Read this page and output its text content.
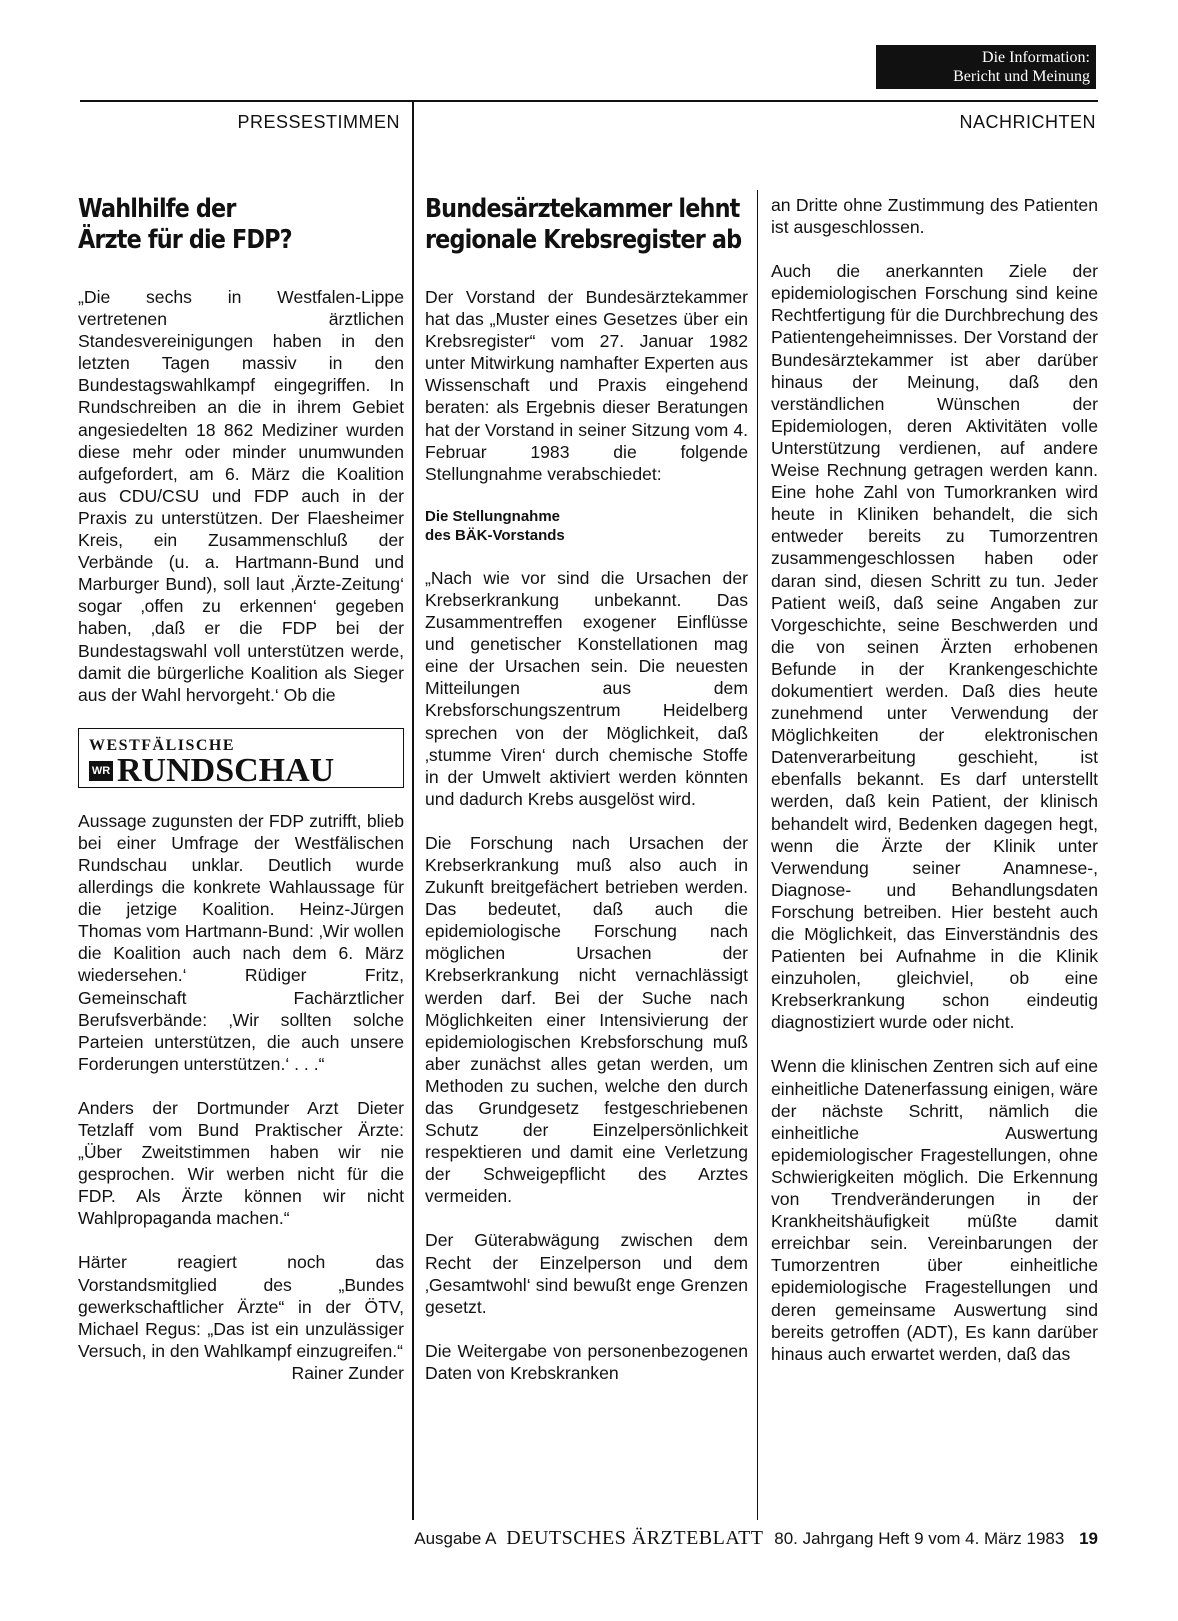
Die Information:
Bericht und Meinung
PRESSESTIMMEN	NACHRICHTEN
Wahlhilfe der
Ärzte für die FDP?

„Die sechs in Westfalen-Lippe vertretenen ärztlichen Standesvereinigungen haben in den letzten Tagen massiv in den Bundestagswahlkampf eingegriffen. In Rundschreiben an die in ihrem Gebiet angesiedelten 18 862 Mediziner wurden diese mehr oder minder unumwunden aufgefordert, am 6. März die Koalition aus CDU/CSU und FDP auch in der Praxis zu unterstützen. Der Flaesheimer Kreis, ein Zusammenschluß der Verbände (u. a. Hartmann-Bund und Marburger Bund), soll laut ‚Ärzte-Zeitung‘ sogar ‚offen zu erkennen‘ gegeben haben, ‚daß er die FDP bei der Bundestagswahl voll unterstützen werde, damit die bürgerliche Koalition als Sieger aus der Wahl hervorgeht.‘ Ob die

WESTFÄLISCHE
WR RUNDSCHAU

Aussage zugunsten der FDP zutrifft, blieb bei einer Umfrage der Westfälischen Rundschau unklar. Deutlich wurde allerdings die konkrete Wahlaussage für die jetzige Koalition. Heinz-Jürgen Thomas vom Hartmann-Bund: ‚Wir wollen die Koalition auch nach dem 6. März wiedersehen.‘ Rüdiger Fritz, Gemeinschaft Fachärztlicher Berufsverbände: ‚Wir sollten solche Parteien unterstützen, die auch unsere Forderungen unterstützen.‘ . . .“

Anders der Dortmunder Arzt Dieter Tetzlaff vom Bund Praktischer Ärzte: „Über Zweitstimmen haben wir nie gesprochen. Wir werben nicht für die FDP. Als Ärzte können wir nicht Wahlpropaganda machen.“

Härter reagiert noch das Vorstandsmitglied des „Bundes gewerkschaftlicher Ärzte“ in der ÖTV, Michael Regus: „Das ist ein unzulässiger Versuch, in den Wahlkampf einzugreifen.“

Rainer Zunder

Bundesärztekammer lehnt
regionale Krebsregister ab

Der Vorstand der Bundesärztekammer hat das „Muster eines Gesetzes über ein Krebsregister“ vom 27. Januar 1982 unter Mitwirkung namhafter Experten aus Wissenschaft und Praxis eingehend beraten: als Ergebnis dieser Beratungen hat der Vorstand in seiner Sitzung vom 4. Februar 1983 die folgende Stellungnahme verabschiedet:

Die Stellungnahme
des BÄK-Vorstands

„Nach wie vor sind die Ursachen der Krebserkrankung unbekannt. Das Zusammentreffen exogener Einflüsse und genetischer Konstellationen mag eine der Ursachen sein. Die neuesten Mitteilungen aus dem Krebsforschungszentrum Heidelberg sprechen von der Möglichkeit, daß ‚stumme Viren‘ durch chemische Stoffe in der Umwelt aktiviert werden könnten und dadurch Krebs ausgelöst wird.

Die Forschung nach Ursachen der Krebserkrankung muß also auch in Zukunft breitgefächert betrieben werden. Das bedeutet, daß auch die epidemiologische Forschung nach möglichen Ursachen der Krebserkrankung nicht vernachlässigt werden darf. Bei der Suche nach Möglichkeiten einer Intensivierung der epidemiologischen Krebsforschung muß aber zunächst alles getan werden, um Methoden zu suchen, welche den durch das Grundgesetz festgeschriebenen Schutz der Einzelpersönlichkeit respektieren und damit eine Verletzung der Schweigepflicht des Arztes vermeiden.

Der Güterabwägung zwischen dem Recht der Einzelperson und dem ‚Gesamtwohl‘ sind bewußt enge Grenzen gesetzt.

Die Weitergabe von personenbezogenen Daten von Krebskranken

an Dritte ohne Zustimmung des Patienten ist ausgeschlossen.

Auch die anerkannten Ziele der epidemiologischen Forschung sind keine Rechtfertigung für die Durchbrechung des Patientengeheimnisses. Der Vorstand der Bundesärztekammer ist aber darüber hinaus der Meinung, daß den verständlichen Wünschen der Epidemiologen, deren Aktivitäten volle Unterstützung verdienen, auf andere Weise Rechnung getragen werden kann. Eine hohe Zahl von Tumorkranken wird heute in Kliniken behandelt, die sich entweder bereits zu Tumorzentren zusammengeschlossen haben oder daran sind, diesen Schritt zu tun. Jeder Patient weiß, daß seine Angaben zur Vorgeschichte, seine Beschwerden und die von seinen Ärzten erhobenen Befunde in der Krankengeschichte dokumentiert werden. Daß dies heute zunehmend unter Verwendung der Möglichkeiten der elektronischen Datenverarbeitung geschieht, ist ebenfalls bekannt. Es darf unterstellt werden, daß kein Patient, der klinisch behandelt wird, Bedenken dagegen hegt, wenn die Ärzte der Klinik unter Verwendung seiner Anamnese-, Diagnose- und Behandlungsdaten Forschung betreiben. Hier besteht auch die Möglichkeit, das Einverständnis des Patienten bei Aufnahme in die Klinik einzuholen, gleichviel, ob eine Krebserkrankung schon eindeutig diagnostiziert wurde oder nicht.

Wenn die klinischen Zentren sich auf eine einheitliche Datenerfassung einigen, wäre der nächste Schritt, nämlich die einheitliche Auswertung epidemiologischer Fragestellungen, ohne Schwierigkeiten möglich. Die Erkennung von Trendveränderungen in der Krankheitshäufigkeit müßte damit erreichbar sein. Vereinbarungen der Tumorzentren über einheitliche epidemiologische Fragestellungen und deren gemeinsame Auswertung sind bereits getroffen (ADT), Es kann darüber hinaus auch erwartet werden, daß das

Ausgabe A DEUTSCHES ÄRZTEBLATT 80. Jahrgang Heft 9 vom 4. März 1983 19
